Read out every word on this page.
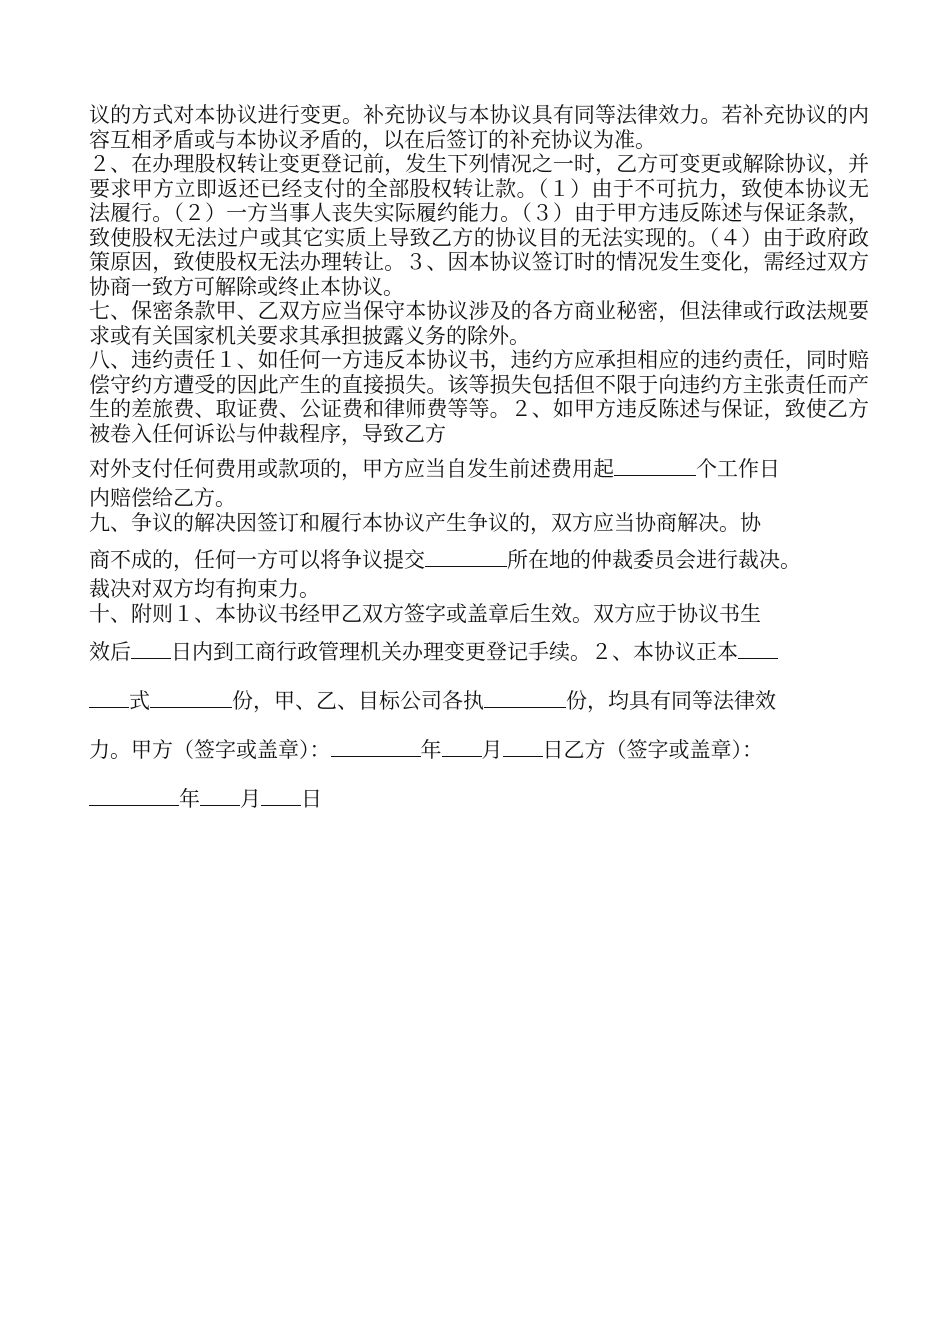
议的方式对本协议进行变更。补充协议与本协议具有同等法律效力。若补充协议的内容互相矛盾或与本协议矛盾的，以在后签订的补充协议为准。

２、在办理股权转让变更登记前，发生下列情况之一时，乙方可变更或解除协议，并要求甲方立即返还已经支付的全部股权转让款。（１）由于不可抗力，致使本协议无法履行。（２）一方当事人丧失实际履约能力。（３）由于甲方违反陈述与保证条款，致使股权无法过户或其它实质上导致乙方的协议目的无法实现的。（４）由于政府政策原因，致使股权无法办理转让。３、因本协议签订时的情况发生变化，需经过双方协商一致方可解除或终止本协议。

七、保密条款甲、乙双方应当保守本协议涉及的各方商业秘密，但法律或行政法规要求或有关国家机关要求其承担披露义务的除外。

八、违约责任１、如任何一方违反本协议书，违约方应承担相应的违约责任，同时赔偿守约方遭受的因此产生的直接损失。该等损失包括但不限于向违约方主张责任而产生的差旅费、取证费、公证费和律师费等等。２、如甲方违反陈述与保证，致使乙方被卷入任何诉讼与仲裁程序，导致乙方

对外支付任何费用或款项的，甲方应当自发生前述费用起	个工作日

内赔偿给乙方。

九、争议的解决因签订和履行本协议产生争议的，双方应当协商解决。协

商不成的，任何一方可以将争议提交	所在地的仲裁委员会进行裁决。

裁决对双方均有拘束力。

十、附则１、本协议书经甲乙双方签字或盖章后生效。双方应于协议书生

效后 日内到工商行政管理机关办理变更登记手续。２、本协议正本

式	份，甲、乙、目标公司各执	份，均具有同等法律效

力。甲方（签字或盖章）：	年 月 日乙方（签字或盖章）：

年 月 日
